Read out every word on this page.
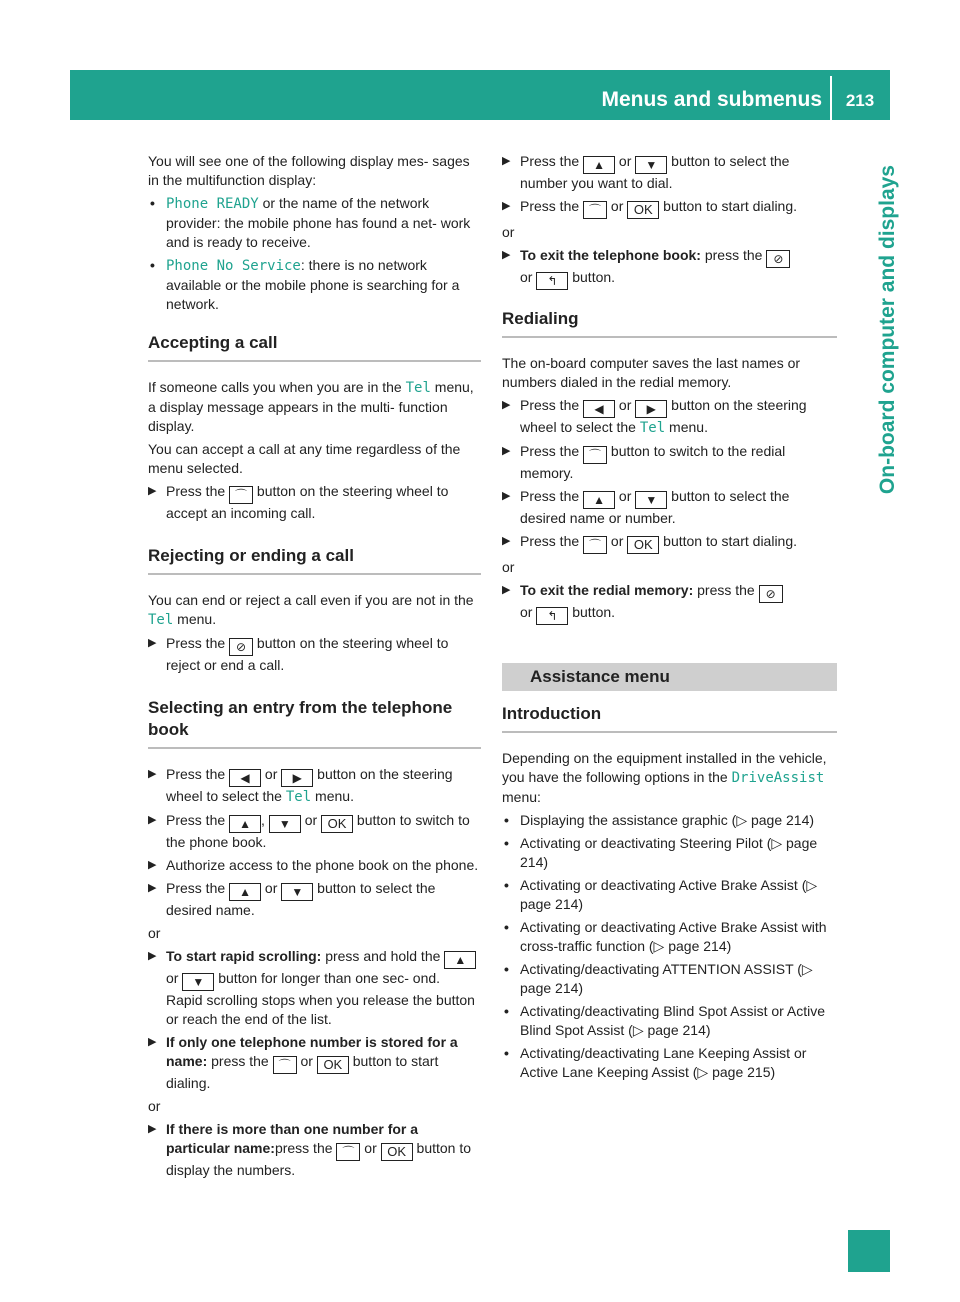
Menus and submenus	213
On-board computer and displays

You will see one of the following display mes- sages in the multifunction display:

• Phone READY or the name of the network provider: the mobile phone has found a net- work and is ready to receive.
• Phone No Service: there is no network available or the mobile phone is searching for a network.
Accepting a call

If someone calls you when you are in the Tel menu, a display message appears in the multi- function display.

You can accept a call at any time regardless of the menu selected.

▶ Press the ⌒ button on the steering wheel to accept an incoming call.
Rejecting or ending a call

You can end or reject a call even if you are not in the Tel menu.

▶ Press the ⊘ button on the steering wheel to reject or end a call.
Selecting an entry from the telephone book
▶ Press the ◀ or ▶ button on the steering wheel to select the Tel menu.
▶ Press the ▲ , ▼ or OK button to switch to the phone book.
▶ Authorize access to the phone book on the phone.
▶ Press the ▲ or ▼ button to select the desired name.

or

▶ To start rapid scrolling: press and hold the ▲ or ▼ button for longer than one sec- ond.
Rapid scrolling stops when you release the button or reach the end of the list.
▶ If only one telephone number is stored for a name: press the ⌒ or OK button to start dialing.

or

▶ If there is more than one number for a particular name:press the ⌒ or OK button to display the numbers.
▶ Press the ▲ or ▼ button to select the number you want to dial.
▶ Press the ⌒ or OK button to start dialing.

or

▶ To exit the telephone book: press the ⊘
or ↰ button.
Redialing

The on-board computer saves the last names or numbers dialed in the redial memory.

▶ Press the ◀ or ▶ button on the steering wheel to select the Tel menu.
▶ Press the ⌒ button to switch to the redial memory.
▶ Press the ▲ or ▼ button to select the desired name or number.
▶ Press the ⌒ or OK button to start dialing.

or

▶ To exit the redial memory: press the ⊘
or ↰ button.
Assistance menu
Introduction

Depending on the equipment installed in the vehicle, you have the following options in the DriveAssist menu:

• Displaying the assistance graphic (▷ page 214)
• Activating or deactivating Steering Pilot (▷ page 214)
• Activating or deactivating Active Brake Assist (▷ page 214)
• Activating or deactivating Active Brake Assist with cross-traffic function (▷ page 214)
• Activating/deactivating ATTENTION ASSIST (▷ page 214)
• Activating/deactivating Blind Spot Assist or Active Blind Spot Assist (▷ page 214)
• Activating/deactivating Lane Keeping Assist or Active Lane Keeping Assist (▷ page 215)
